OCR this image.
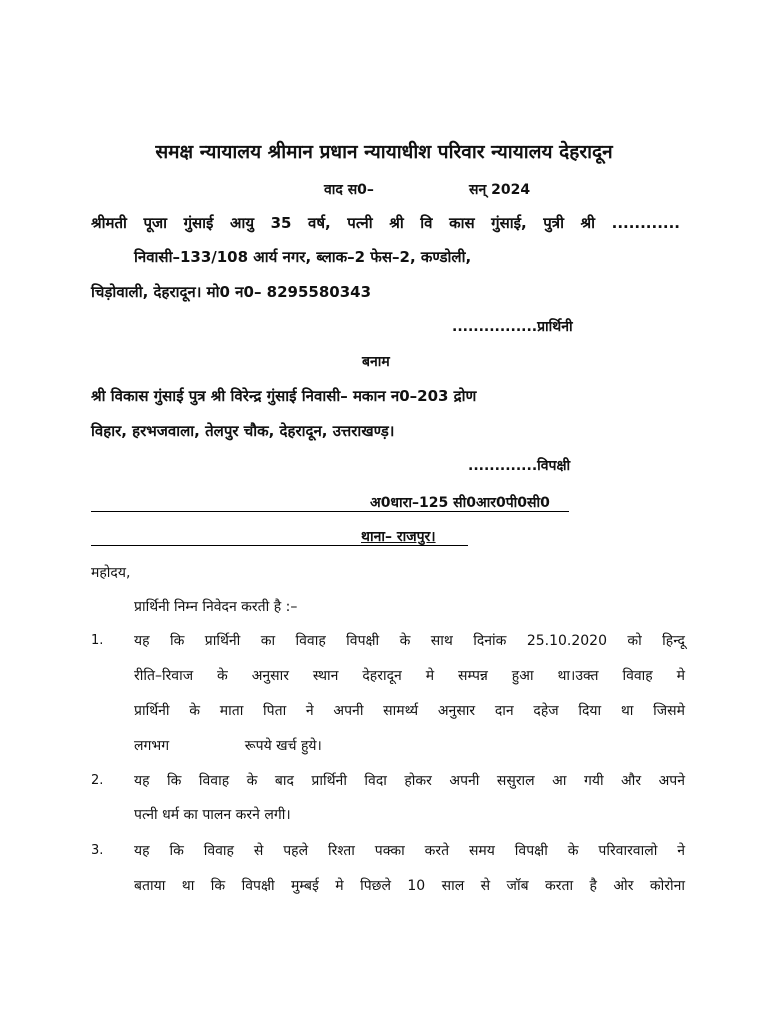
समक्ष न्यायालय श्रीमान प्रधान न्यायाधीश परिवार न्यायालय देहरादून
वाद स0–	सन् 2024
श्रीमती पूजा गुंसाई आयु 35 वर्ष, पत्नी श्री वि कास गुंसाई, पुत्री श्री ............
निवासी–133/108 आर्य नगर, ब्लाक–2 फेस–2, कण्डोली,
चिड़ोवाली, देहरादून। मो0 न0– 8295580343
................प्रार्थिनी
बनाम
श्री विकास गुंसाई पुत्र श्री विरेन्द्र गुंसाई निवासी– मकान न0–203 द्रोण
विहार, हरभजवाला, तेलपुर चौक, देहरादून, उत्तराखण्ड़।
.............विपक्षी
अ0धारा–125 सी0आर0पी0सी0
थाना– राजपुर।
महोदय,
प्रार्थिनी निम्न निवेदन करती है :–
1. यह कि प्रार्थिनी का विवाह विपक्षी के साथ दिनांक 25.10.2020 को हिन्दू
रीति–रिवाज के अनुसार स्थान देहरादून मे सम्पन्न हुआ था।उक्त विवाह मे
प्रार्थिनी के माता पिता ने अपनी सामर्थ्य अनुसार दान दहेज दिया था जिसमे
लगभग                 रूपये खर्च हुये।
2. यह कि विवाह के बाद प्रार्थिनी विदा होकर अपनी ससुराल आ गयी और अपने
पत्नी धर्म का पालन करने लगी।
3. यह कि विवाह से पहले रिश्ता पक्का करते समय विपक्षी के परिवारवालो ने
बताया था कि विपक्षी मुम्बई मे पिछले 10 साल से जॉब करता है ओर कोरोना
